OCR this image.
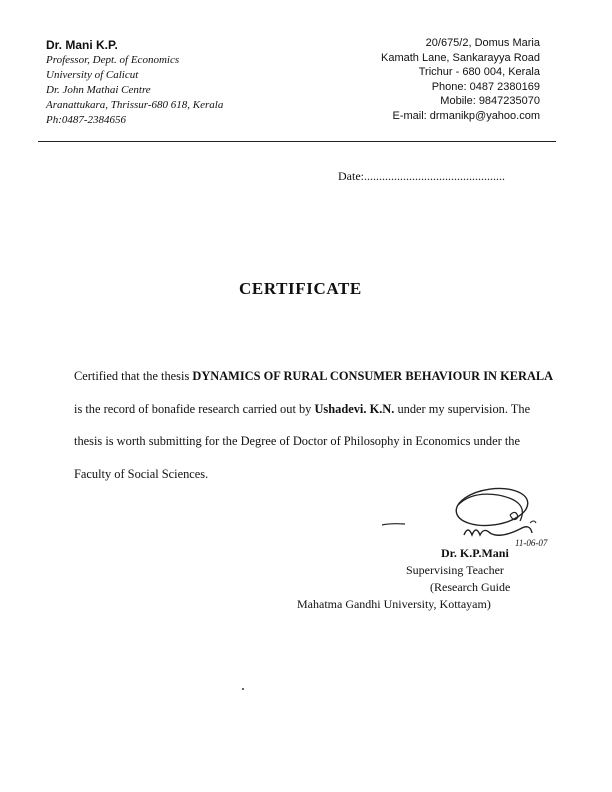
Dr. Mani K.P.
Professor, Dept. of Economics
University of Calicut
Dr. John Mathai Centre
Aranattukara, Thrissur-680 618, Kerala
Ph:0487-2384656
20/675/2, Domus Maria
Kamath Lane, Sankarayya Road
Trichur - 680 004, Kerala
Phone: 0487 2380169
Mobile: 9847235070
E-mail: drmanikp@yahoo.com
Date:...............................................
CERTIFICATE
Certified that the thesis DYNAMICS OF RURAL CONSUMER BEHAVIOUR IN KERALA is the record of bonafide research carried out by Ushadevi. K.N. under my supervision. The thesis is worth submitting for the Degree of Doctor of Philosophy in Economics under the Faculty of Social Sciences.
11-06-07
Dr. K.P.Mani
Supervising Teacher
(Research Guide
Mahatma Gandhi University, Kottayam)
